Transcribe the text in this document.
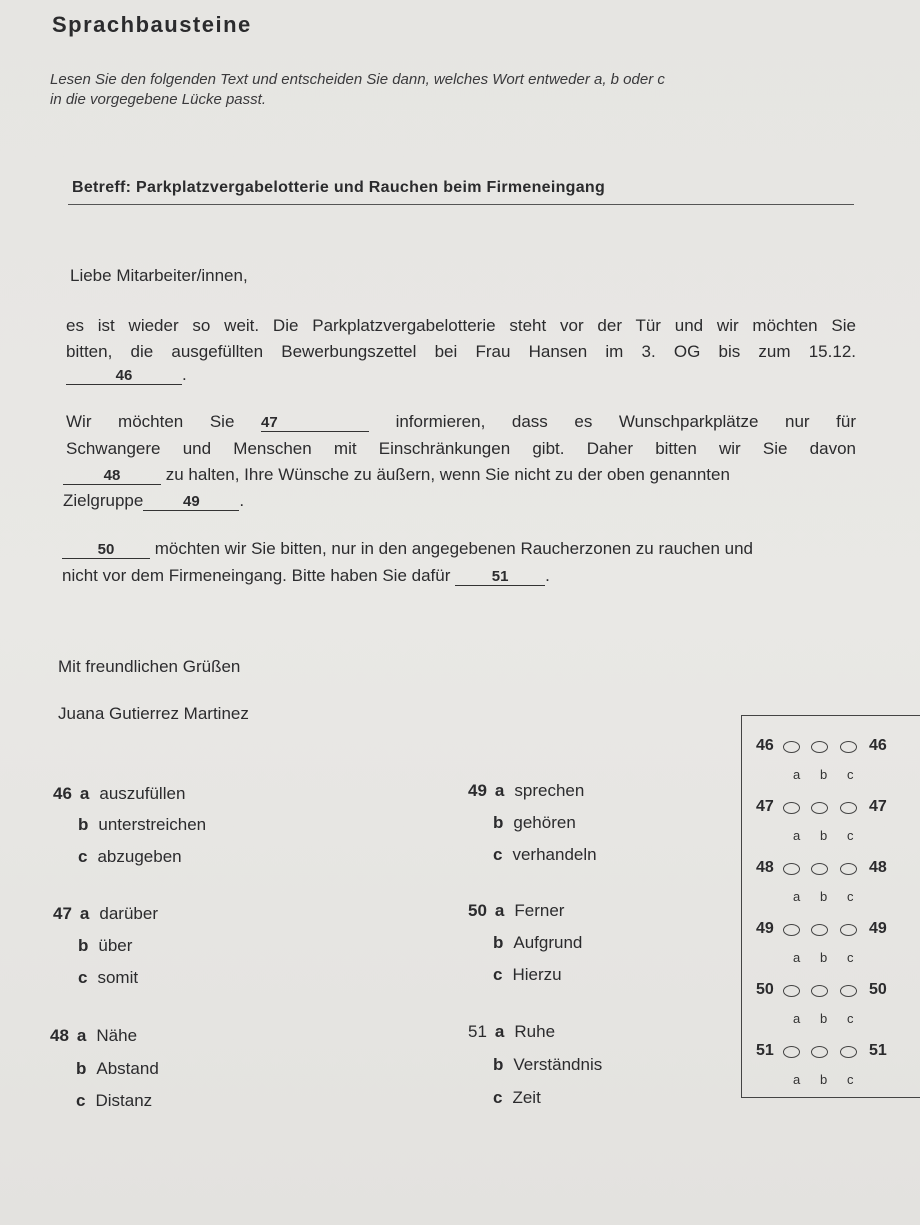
Sprachbausteine
Lesen Sie den folgenden Text und entscheiden Sie dann, welches Wort entweder a, b oder c
in die vorgegebene Lücke passt.
Betreff: Parkplatzvergabelotterie und Rauchen beim Firmeneingang
Liebe Mitarbeiter/innen,
es ist wieder so weit. Die Parkplatzvergabelotterie steht vor der Tür und wir möchten Sie
bitten, die ausgefüllten Bewerbungszettel bei Frau Hansen im 3. OG bis zum 15.12.
46	.
Wir möchten Sie 47	informieren, dass es Wunschparkplätze nur für
Schwangere und Menschen mit Einschränkungen gibt. Daher bitten wir Sie davon
48	zu halten, Ihre Wünsche zu äußern, wenn Sie nicht zu der oben genannten
Zielgruppe	49 .
50 möchten wir Sie bitten, nur in den angegebenen Raucherzonen zu rauchen und
nicht vor dem Firmeneingang. Bitte haben Sie dafür	51 .
Mit freundlichen Grüßen
Juana Gutierrez Martinez
46 a auszufüllen
b unterstreichen
c abzugeben
47 a darüber
b über
c somit
48 a Nähe
b Abstand
c Distanz
49 a sprechen
b gehören
c verhandeln
50 a Ferner
b Aufgrund
c Hierzu
51 a Ruhe
b Verständnis
c Zeit
46	46
a b c
47	47
a b c
48	48
a b c
49	49
a b c
50	50
a b c
51	51
a b c
